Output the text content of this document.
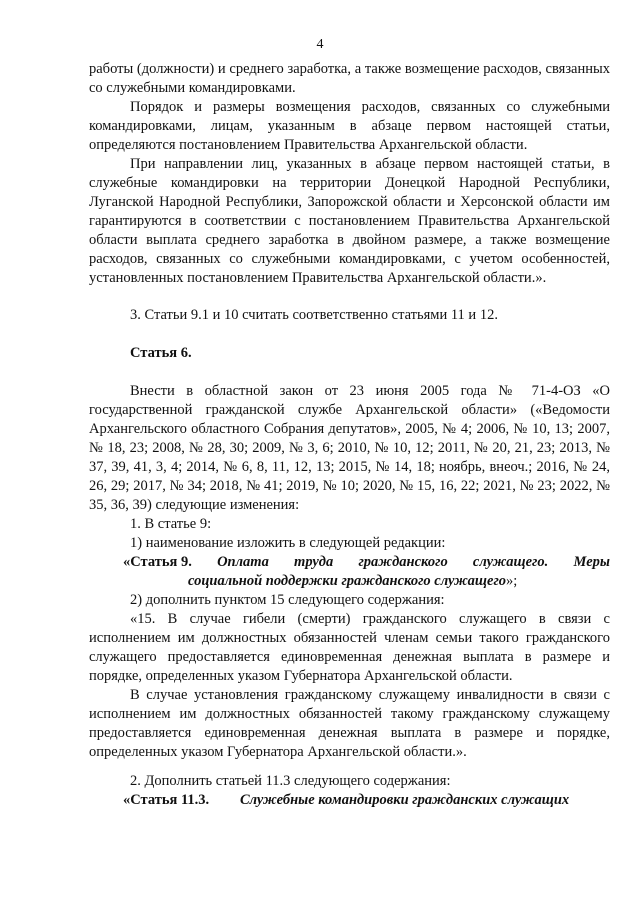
4
работы (должности) и среднего заработка, а также возмещение расходов, связанных со служебными командировками.
Порядок и размеры возмещения расходов, связанных со служебными командировками, лицам, указанным в абзаце первом настоящей статьи, определяются постановлением Правительства Архангельской области.
При направлении лиц, указанных в абзаце первом настоящей статьи, в служебные командировки на территории Донецкой Народной Республики, Луганской Народной Республики, Запорожской области и Херсонской области им гарантируются в соответствии с постановлением Правительства Архангельской области выплата среднего заработка в двойном размере, а также возмещение расходов, связанных со служебными командировками, с учетом особенностей, установленных постановлением Правительства Архангельской области.».
3. Статьи 9.1 и 10 считать соответственно статьями 11 и 12.
Статья 6.
Внести в областной закон от 23 июня 2005 года № 71-4-ОЗ «О государственной гражданской службе Архангельской области» («Ведомости Архангельского областного Собрания депутатов», 2005, № 4; 2006, № 10, 13; 2007, № 18, 23; 2008, № 28, 30; 2009, № 3, 6; 2010, № 10, 12; 2011, № 20, 21, 23; 2013, № 37, 39, 41, 3, 4; 2014, № 6, 8, 11, 12, 13; 2015, № 14, 18; ноябрь, внеоч.; 2016, № 24, 26, 29; 2017, № 34; 2018, № 41; 2019, № 10; 2020, № 15, 16, 22; 2021, № 23; 2022, № 35, 36, 39) следующие изменения:
1. В статье 9:
1) наименование изложить в следующей редакции:
«Статья 9. Оплата труда гражданского служащего. Меры
социальной поддержки гражданского служащего»;
2) дополнить пунктом 15 следующего содержания:
«15. В случае гибели (смерти) гражданского служащего в связи с исполнением им должностных обязанностей членам семьи такого гражданского служащего предоставляется единовременная денежная выплата в размере и порядке, определенных указом Губернатора Архангельской области.
В случае установления гражданскому служащему инвалидности в связи с исполнением им должностных обязанностей такому гражданскому служащему предоставляется единовременная денежная выплата в размере и порядке, определенных указом Губернатора Архангельской области.».
2. Дополнить статьей 11.3 следующего содержания:
«Статья 11.3. Служебные командировки гражданских служащих
